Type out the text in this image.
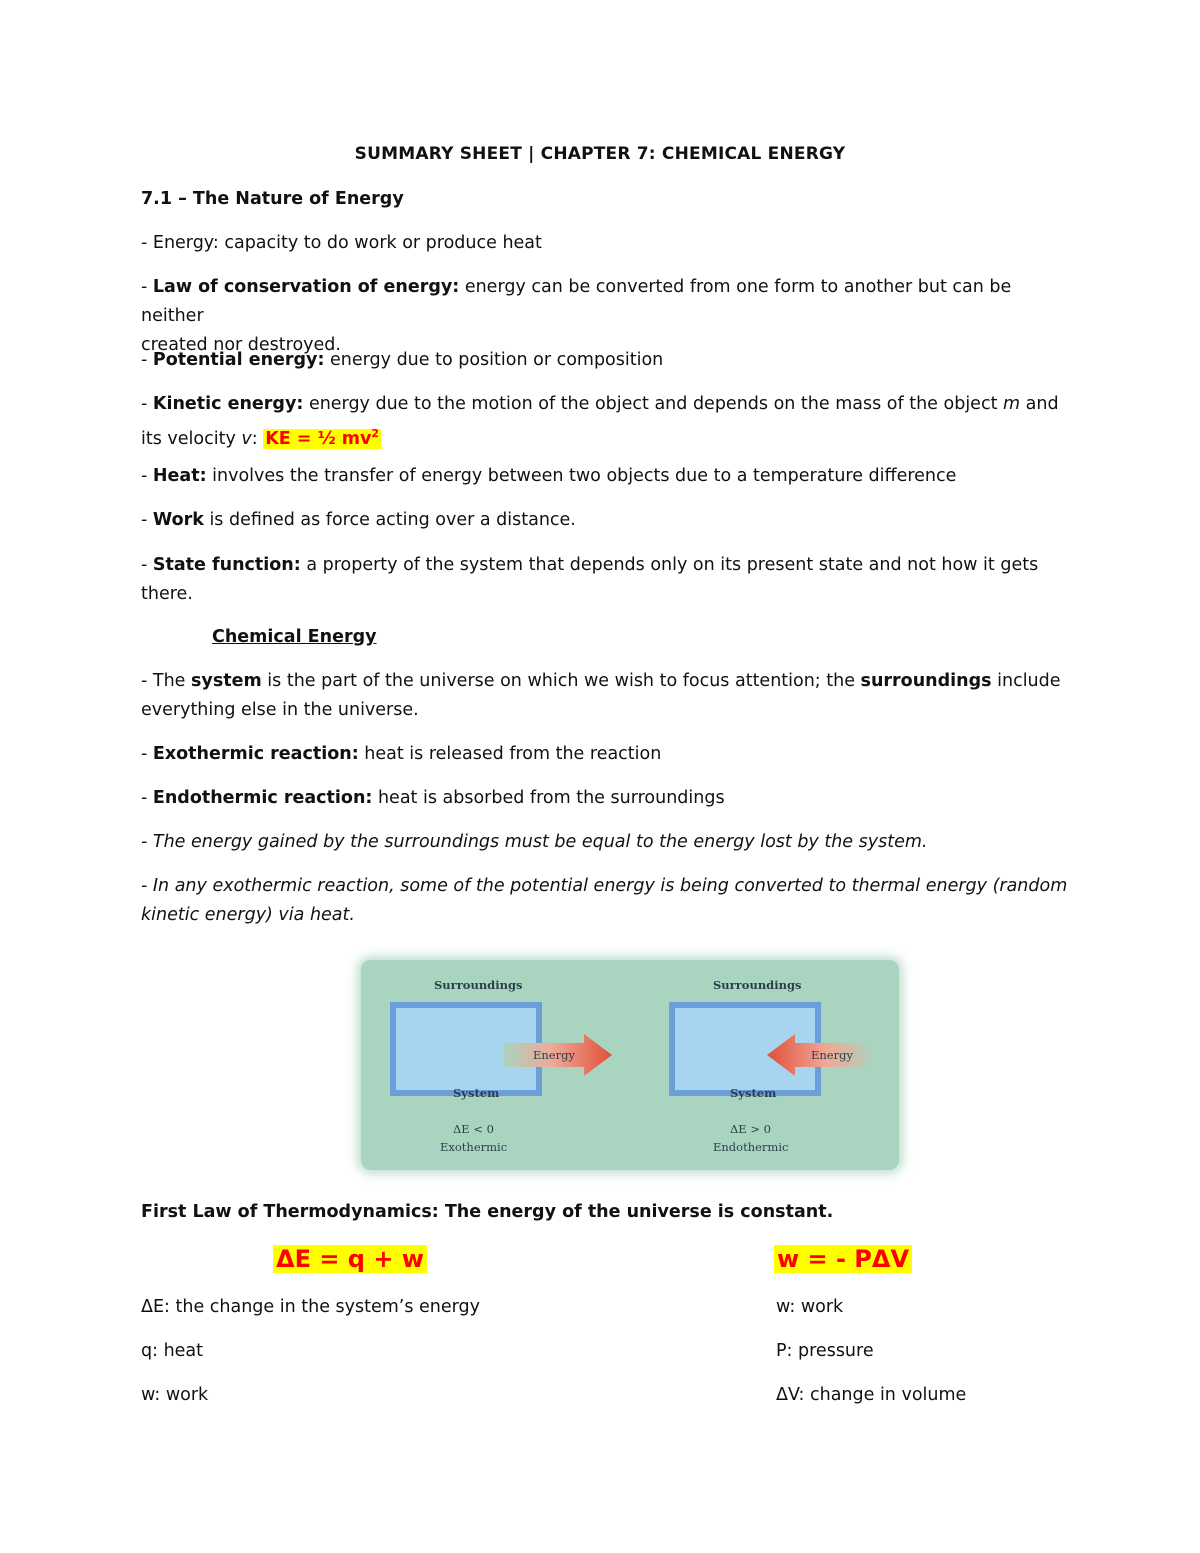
SUMMARY SHEET | CHAPTER 7: CHEMICAL ENERGY
7.1 – The Nature of Energy
- Energy: capacity to do work or produce heat
- Law of conservation of energy: energy can be converted from one form to another but can be neither
created nor destroyed.
- Potential energy: energy due to position or composition
- Kinetic energy: energy due to the motion of the object and depends on the mass of the object m and
its velocity v: KE = ½ $mv^2$
- Heat: involves the transfer of energy between two objects due to a temperature difference
- Work is defined as force acting over a distance.
- State function: a property of the system that depends only on its present state and not how it gets
there.
Chemical Energy
- The system is the part of the universe on which we wish to focus attention; the surroundings include
everything else in the universe.
- Exothermic reaction: heat is released from the reaction
- Endothermic reaction: heat is absorbed from the surroundings
- The energy gained by the surroundings must be equal to the energy lost by the system.
- In any exothermic reaction, some of the potential energy is being converted to thermal energy (random
kinetic energy) via heat.
Surroundings
System
Energy
ΔE < 0
Exothermic
Surroundings
System
Energy
ΔE > 0
Endothermic
First Law of Thermodynamics: The energy of the universe is constant.
ΔE = q + w	w = - PΔV
ΔE: the change in the system’s energy
q: heat
w: work
w: work
P: pressure
ΔV: change in volume
